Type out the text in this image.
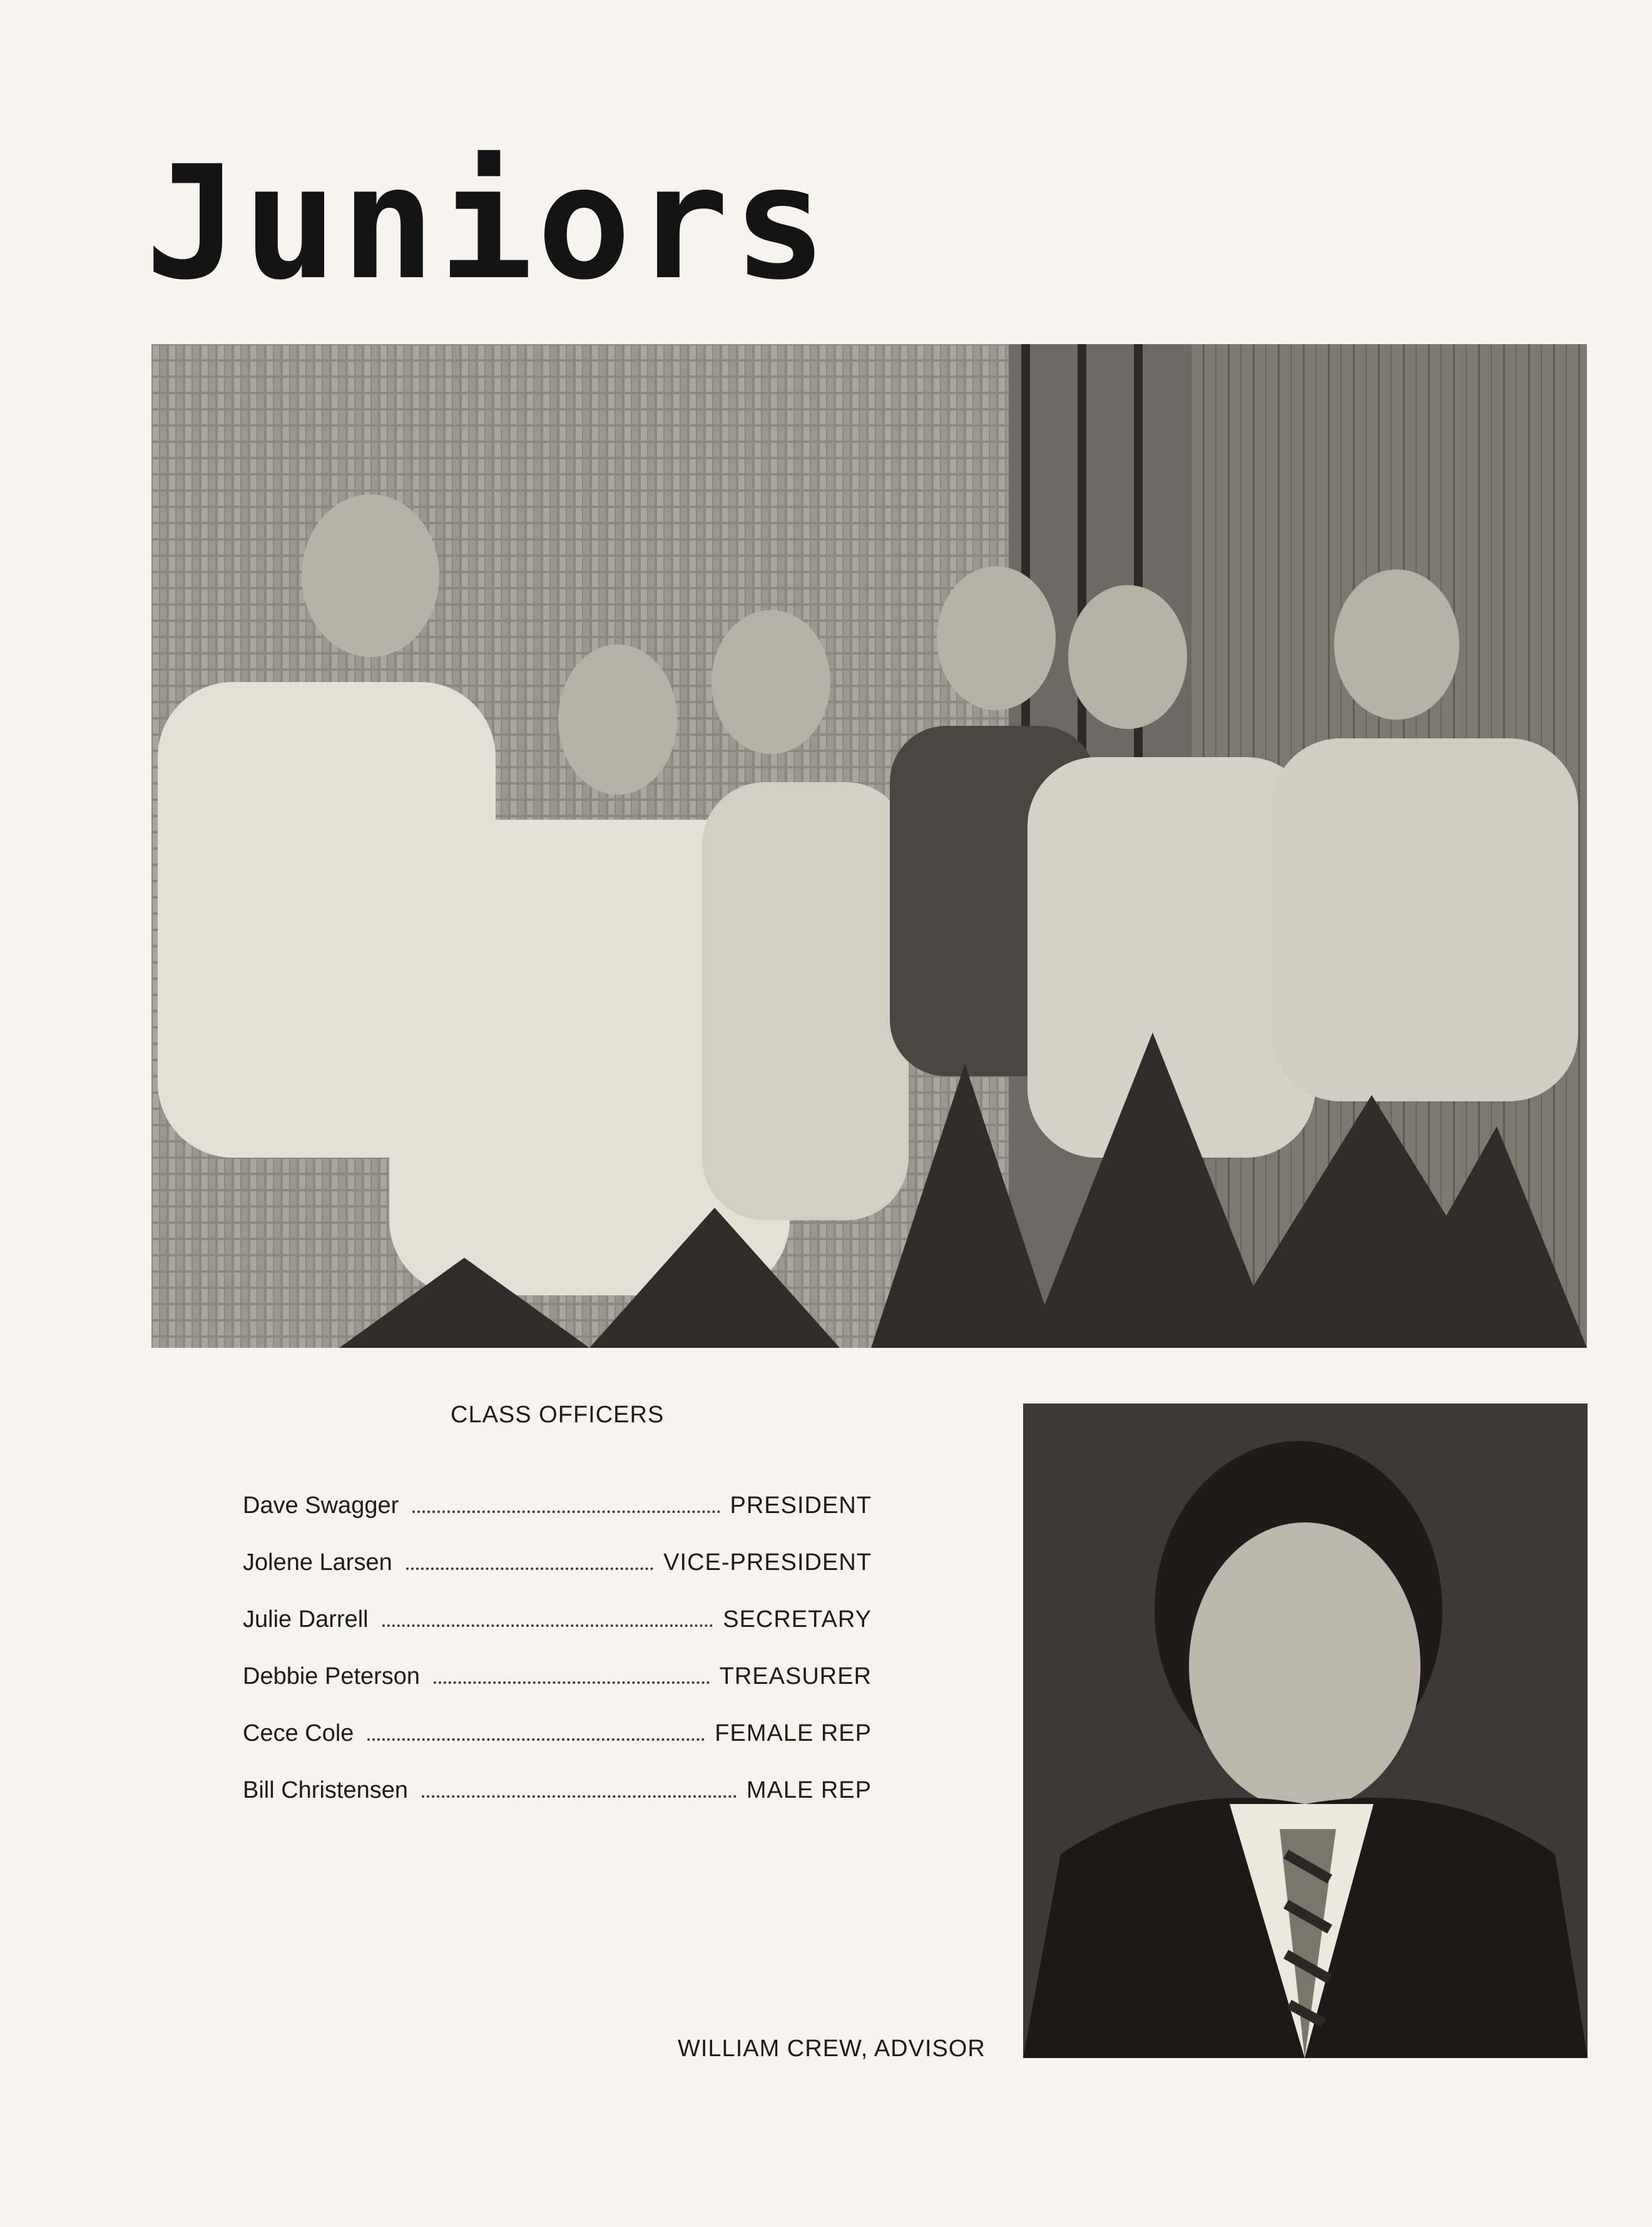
Juniors
CLASS OFFICERS
Dave Swagger	PRESIDENT
Jolene Larsen	VICE-PRESIDENT
Julie Darrell	SECRETARY
Debbie Peterson	TREASURER
Cece Cole	FEMALE REP
Bill Christensen	MALE REP
WILLIAM CREW, ADVISOR
